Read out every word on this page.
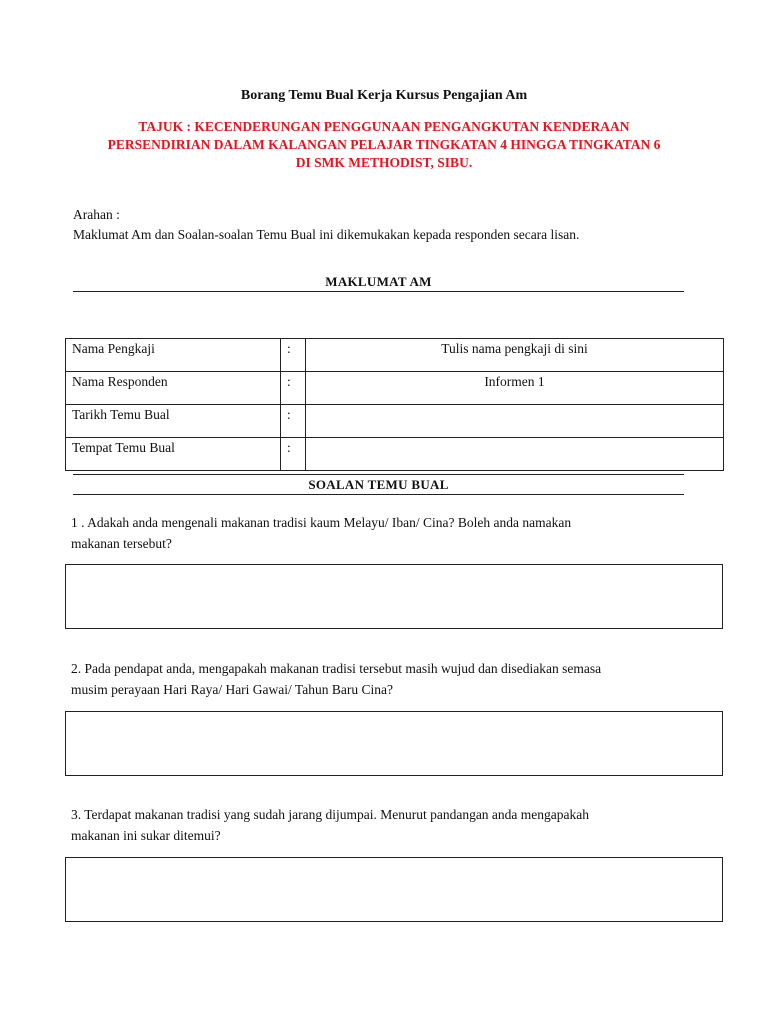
Borang Temu Bual Kerja Kursus Pengajian Am
TAJUK : KECENDERUNGAN PENGGUNAAN PENGANGKUTAN KENDERAAN
PERSENDIRIAN DALAM KALANGAN PELAJAR TINGKATAN 4 HINGGA TINGKATAN 6
DI SMK METHODIST, SIBU.
Arahan :
Maklumat Am dan Soalan-soalan Temu Bual ini dikemukakan kepada responden secara lisan.
MAKLUMAT AM
Nama Pengkaji	:	Tulis nama pengkaji di sini
Nama Responden	:	Informen 1
Tarikh Temu Bual	:	
Tempat Temu Bual	:	
SOALAN TEMU BUAL
1 . Adakah anda mengenali makanan tradisi kaum Melayu/ Iban/ Cina? Boleh anda namakan
makanan tersebut?
2. Pada pendapat anda, mengapakah makanan tradisi tersebut masih wujud dan disediakan semasa
musim perayaan Hari Raya/ Hari Gawai/ Tahun Baru Cina?
3. Terdapat makanan tradisi yang sudah jarang dijumpai. Menurut pandangan anda mengapakah
makanan ini sukar ditemui?
